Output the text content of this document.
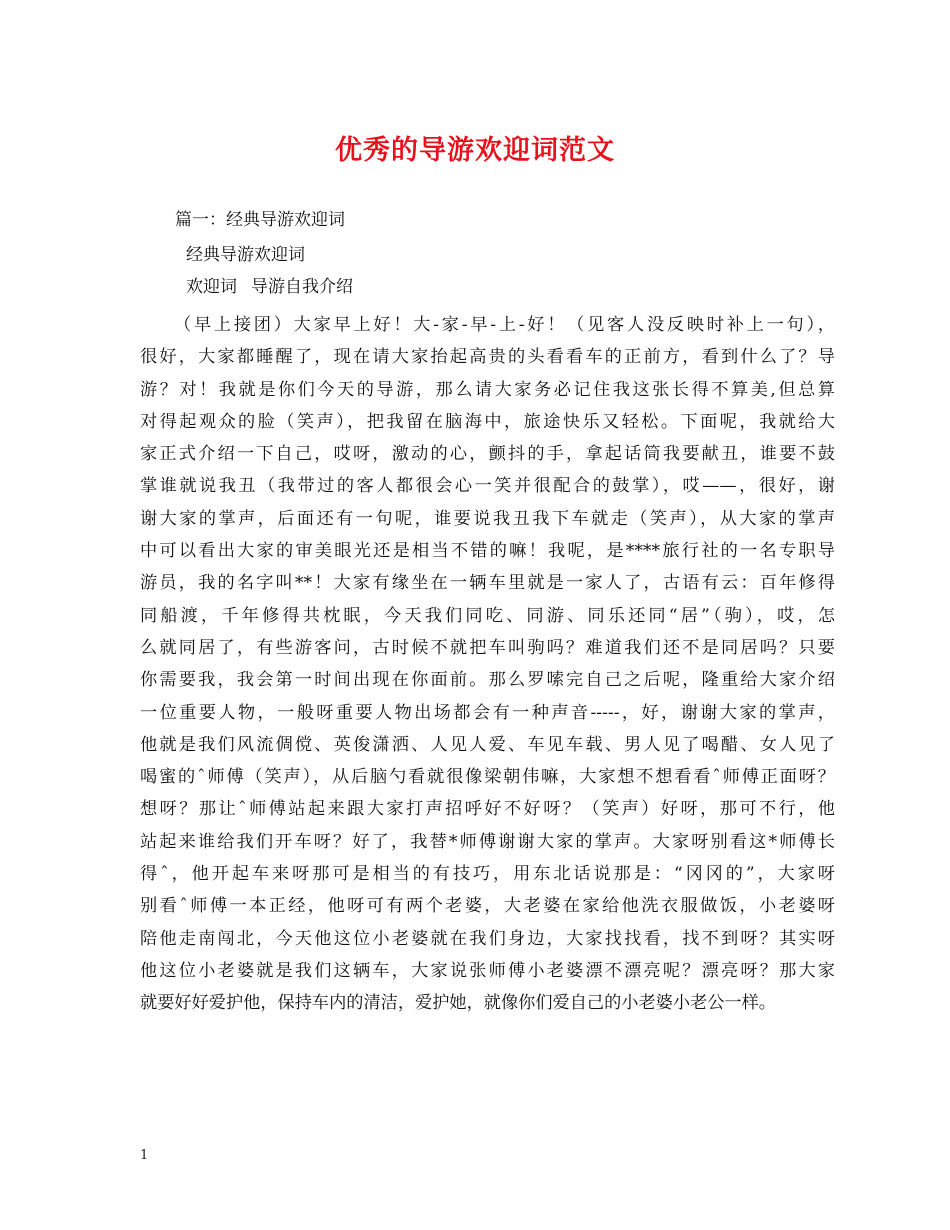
优秀的导游欢迎词范文
篇一：经典导游欢迎词
经典导游欢迎词
欢迎词 导游自我介绍
（早上接团）大家早上好！大-家-早-上-好！（见客人没反映时补上一句），
很好，大家都睡醒了，现在请大家抬起高贵的头看看车的正前方，看到什么了？导
游？对！我就是你们今天的导游，那么请大家务必记住我这张长得不算美,但总算
对得起观众的脸（笑声），把我留在脑海中，旅途快乐又轻松。下面呢，我就给大
家正式介绍一下自己，哎呀，激动的心，颤抖的手，拿起话筒我要献丑，谁要不鼓
掌谁就说我丑（我带过的客人都很会心一笑并很配合的鼓掌），哎——，很好，谢
谢大家的掌声，后面还有一句呢，谁要说我丑我下车就走（笑声），从大家的掌声
中可以看出大家的审美眼光还是相当不错的嘛！我呢，是****旅行社的一名专职导
游员，我的名字叫**！大家有缘坐在一辆车里就是一家人了，古语有云：百年修得
同船渡，千年修得共枕眠，今天我们同吃、同游、同乐还同“居”（驹），哎，怎
么就同居了，有些游客问，古时候不就把车叫驹吗？难道我们还不是同居吗？只要
你需要我，我会第一时间出现在你面前。那么罗嗦完自己之后呢，隆重给大家介绍
一位重要人物，一般呀重要人物出场都会有一种声音-----，好，谢谢大家的掌声，
他就是我们风流倜傥、英俊潇洒、人见人爱、车见车载、男人见了喝醋、女人见了
喝蜜的ˆ师傅（笑声），从后脑勺看就很像梁朝伟嘛，大家想不想看看ˆ师傅正面呀？
想呀？那让ˆ师傅站起来跟大家打声招呼好不好呀？（笑声）好呀，那可不行，他
站起来谁给我们开车呀？好了，我替*师傅谢谢大家的掌声。大家呀别看这*师傅长
得ˆ，他开起车来呀那可是相当的有技巧，用东北话说那是：“冈冈的”，大家呀
别看ˆ师傅一本正经，他呀可有两个老婆，大老婆在家给他洗衣服做饭，小老婆呀
陪他走南闯北，今天他这位小老婆就在我们身边，大家找找看，找不到呀？其实呀
他这位小老婆就是我们这辆车，大家说张师傅小老婆漂不漂亮呢？漂亮呀？那大家
就要好好爱护他，保持车内的清洁，爱护她，就像你们爱自己的小老婆小老公一样。
1
